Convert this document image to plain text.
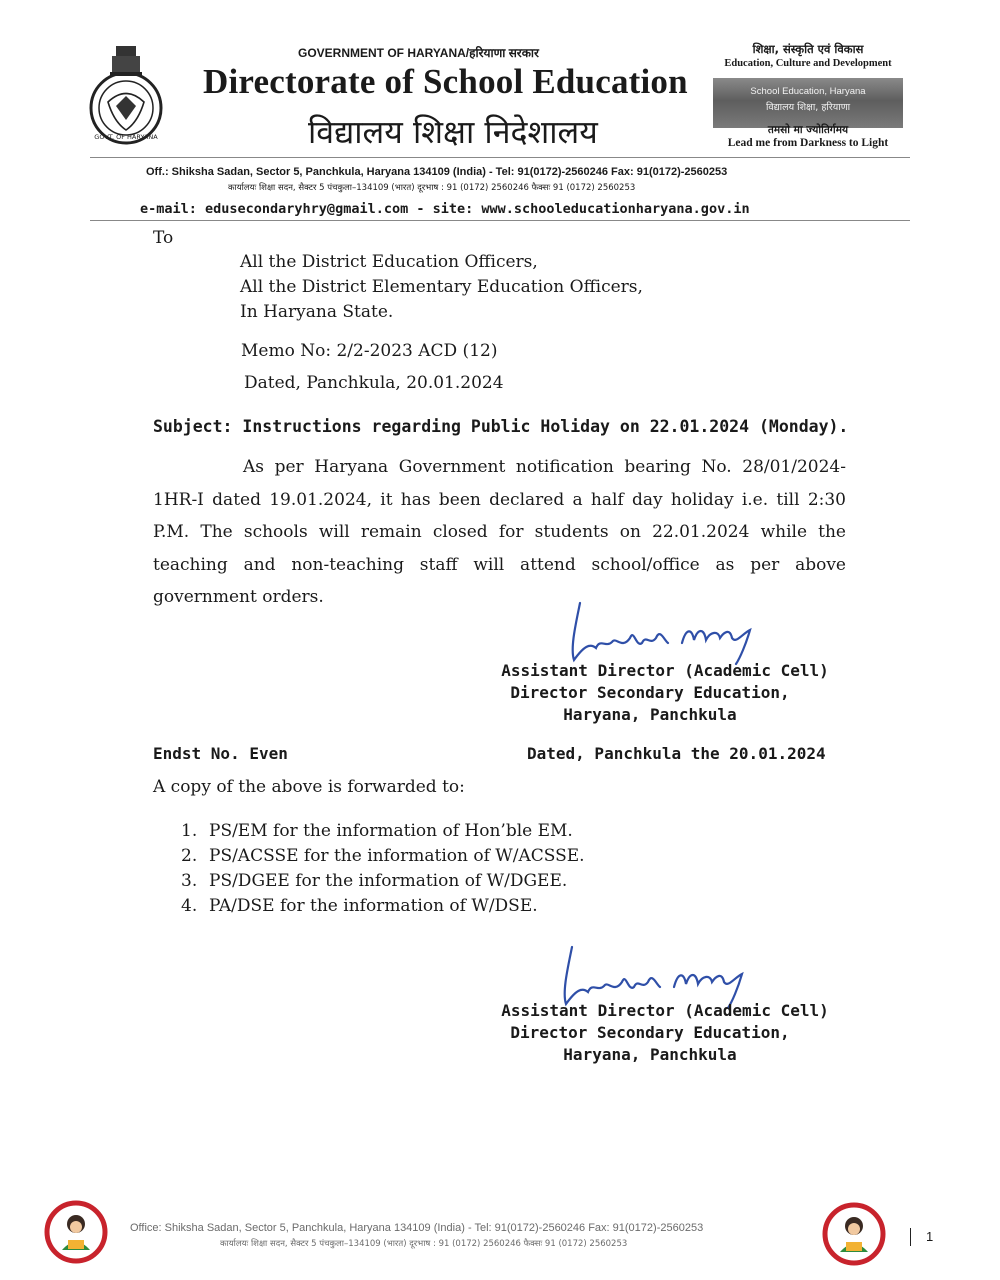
GOVT. OF HARYANA
GOVERNMENT OF HARYANA/हरियाणा सरकार
Directorate of School Education
विद्यालय शिक्षा निदेशालय
शिक्षा, संस्कृति एवं विकास
Education, Culture and Development
School Education, Haryana
विद्यालय शिक्षा, हरियाणा
तमसो मा ज्योतिर्गमय
Lead me from Darkness to Light
Off.: Shiksha Sadan, Sector 5, Panchkula, Haryana 134109 (India) - Tel: 91(0172)-2560246 Fax: 91(0172)-2560253
कार्यालयः शिक्षा सदन, सैक्टर 5 पंचकुला–134109 (भारत) दूरभाष : 91 (0172) 2560246 फैक्सः 91 (0172) 2560253
e-mail: edusecondaryhry@gmail.com - site: www.schooleducationharyana.gov.in
To
All the District Education Officers,
All the District Elementary Education Officers,
In Haryana State.
Memo No: 2/2-2023 ACD (12)
Dated, Panchkula, 20.01.2024
Subject: Instructions regarding Public Holiday on 22.01.2024 (Monday).
As per Haryana Government notification bearing No. 28/01/2024-1HR-I dated 19.01.2024, it has been declared a half day holiday i.e. till 2:30 P.M. The schools will remain closed for students on 22.01.2024 while the teaching and non-teaching staff will attend school/office as per above government orders.
Assistant Director (Academic Cell)
Director Secondary Education,
Haryana, Panchkula
Endst No. Even	Dated, Panchkula the 20.01.2024
A copy of the above is forwarded to:
1. PS/EM for the information of Hon’ble EM.
2. PS/ACSSE for the information of W/ACSSE.
3. PS/DGEE for the information of W/DGEE.
4. PA/DSE for the information of W/DSE.
Assistant Director (Academic Cell)
Director Secondary Education,
Haryana, Panchkula
Office: Shiksha Sadan, Sector 5, Panchkula, Haryana 134109 (India) - Tel: 91(0172)-2560246 Fax: 91(0172)-2560253
कार्यालयः शिक्षा सदन, सैक्टर 5 पंचकुला–134109 (भारत) दूरभाष : 91 (0172) 2560246 फैक्सः 91 (0172) 2560253	1
